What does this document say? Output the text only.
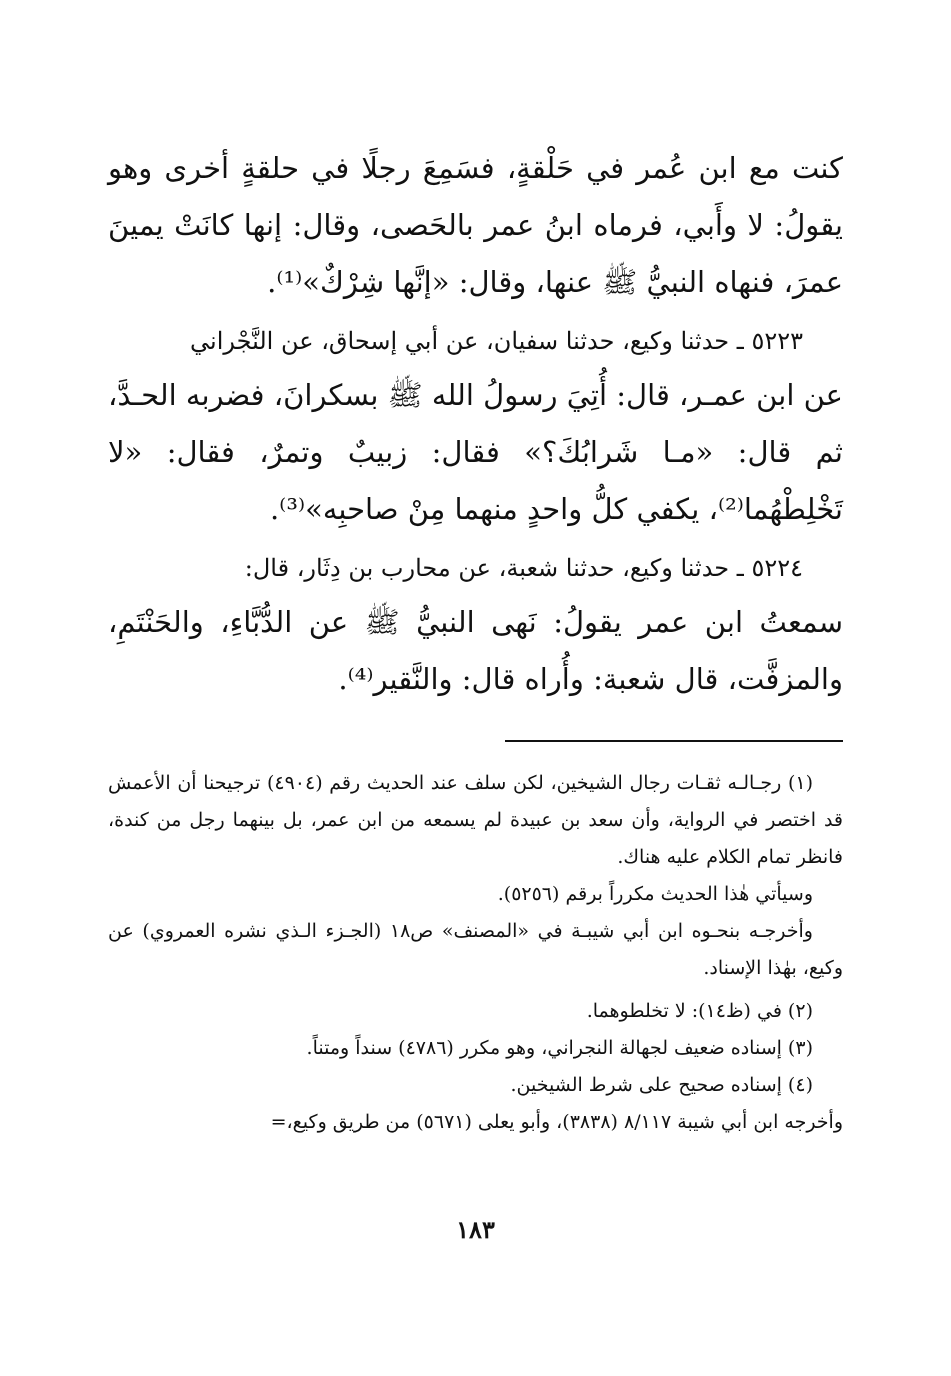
كنت مع ابن عُمر في حَلْقةٍ، فسَمِعَ رجلًا في حلقةٍ أخرى وهو يقولُ: لا وأَبي، فرماه ابنُ عمر بالحَصى، وقال: إنها كانَتْ يمينَ عمرَ، فنهاه النبيُّ ﷺ عنها، وقال: «إنَّها شِرْكٌ»⁽¹⁾.

٥٢٢٣ ـ حدثنا وكيع، حدثنا سفيان، عن أبي إسحاق، عن النَّجْراني

عن ابن عمـر، قال: أُتِيَ رسولُ الله ﷺ بسكرانَ، فضربه الحـدَّ، ثم قال: «مـا شَرابُكَ؟» فقال: زبيبٌ وتمرٌ، فقال: «لا تَخْلِطْهُما⁽²⁾، يكفي كلُّ واحدٍ منهما مِنْ صاحبِه»⁽³⁾.

٥٢٢٤ ـ حدثنا وكيع، حدثنا شعبة، عن محارب بن دِثَار، قال:

سمعتُ ابن عمر يقولُ: نَهى النبيُّ ﷺ عن الدُّبَّاءِ، والحَنْتَمِ، والمزفَّت، قال شعبة: وأُراه قال: والنَّقير⁽⁴⁾.

(١) رجـالـه ثقـات رجال الشيخين، لكن سلف عند الحديث رقم (٤٩٠٤) ترجيحنا أن الأعمش قد اختصر في الرواية، وأن سعد بن عبيدة لم يسمعه من ابن عمر، بل بينهما رجل من كندة، فانظر تمام الكلام عليه هناك.

وسيأتي هٰذا الحديث مكرراً برقم (٥٢٥٦).

وأخرجـه بنحـوه ابن أبي شيبـة في «المصنف» ص١٨ (الجـزء الـذي نشره العمروي) عن وكيع، بهٰذا الإسناد.

(٢) في (ظ١٤): لا تخلطوهما.

(٣) إسناده ضعيف لجهالة النجراني، وهو مكرر (٤٧٨٦) سنداً ومتناً.

(٤) إسناده صحيح على شرط الشيخين.

وأخرجه ابن أبي شيبة ٨/١١٧ (٣٨٣٨)، وأبو يعلى (٥٦٧١) من طريق وكيع،=

١٨٣
